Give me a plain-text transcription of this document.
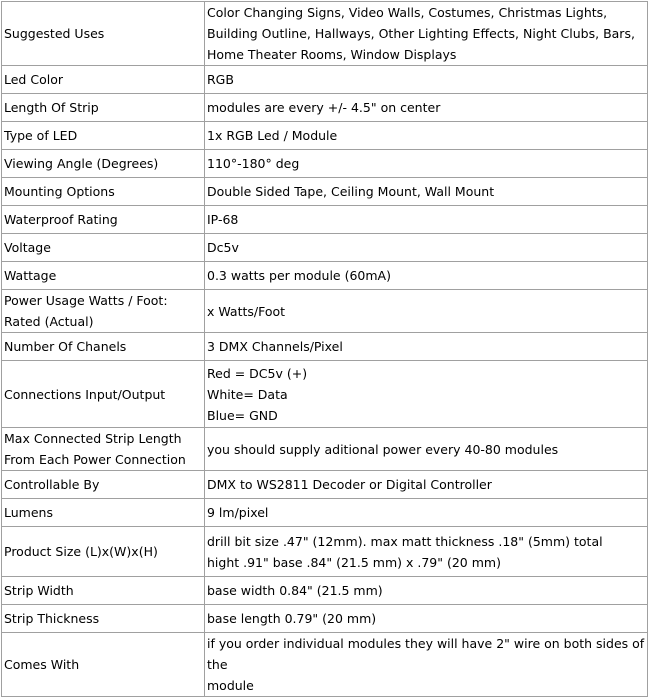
Suggested Uses	Color Changing Signs, Video Walls, Costumes, Christmas Lights,
Building Outline, Hallways, Other Lighting Effects, Night Clubs, Bars,
Home Theater Rooms, Window Displays

Led Color	RGB

Length Of Strip	modules are every +/- 4.5" on center

Type of LED	1x RGB Led / Module

Viewing Angle (Degrees)	110°-180° deg

Mounting Options	Double Sided Tape, Ceiling Mount, Wall Mount

Waterproof Rating	IP-68

Voltage	Dc5v

Wattage	0.3 watts per module (60mA)

Power Usage Watts / Foot: Rated (Actual)	x Watts/Foot

Number Of Chanels	3 DMX Channels/Pixel

Connections Input/Output	Red = DC5v (+)
White= Data
Blue= GND

Max Connected Strip Length From Each Power Connection	you should supply aditional power every 40-80 modules

Controllable By	DMX to WS2811 Decoder or Digital Controller

Lumens	9 lm/pixel

Product Size (L)x(W)x(H)	drill bit size .47" (12mm). max matt thickness .18" (5mm) total
hight .91" base .84" (21.5 mm) x .79" (20 mm)

Strip Width	base width 0.84" (21.5 mm)

Strip Thickness	base length 0.79" (20 mm)

Comes With	if you order individual modules they will have 2" wire on both sides of the
module
